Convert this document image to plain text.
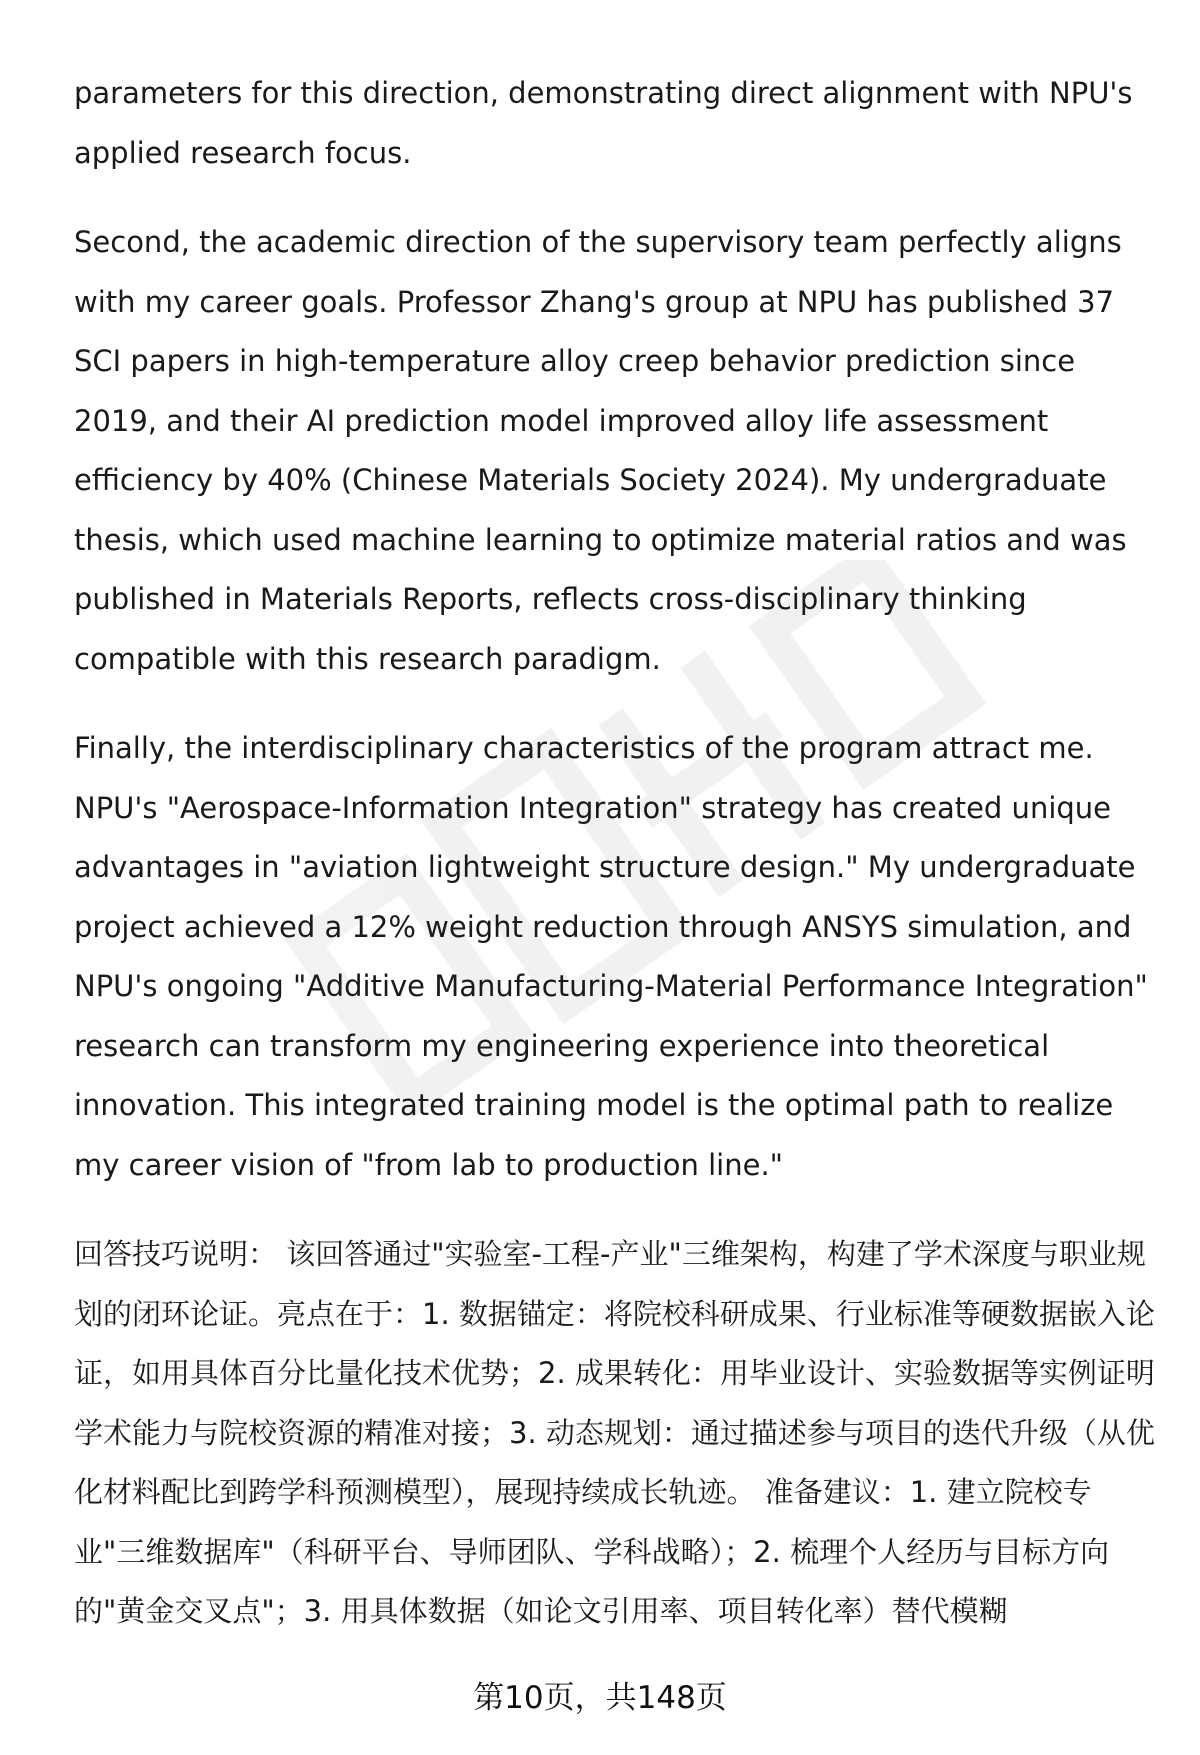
parameters for this direction, demonstrating direct alignment with NPU's applied research focus.

Second, the academic direction of the supervisory team perfectly aligns with my career goals. Professor Zhang's group at NPU has published 37 SCI papers in high-temperature alloy creep behavior prediction since 2019, and their AI prediction model improved alloy life assessment efficiency by 40% (Chinese Materials Society 2024). My undergraduate thesis, which used machine learning to optimize material ratios and was published in Materials Reports, reflects cross-disciplinary thinking compatible with this research paradigm.

Finally, the interdisciplinary characteristics of the program attract me. NPU's "Aerospace-Information Integration" strategy has created unique advantages in "aviation lightweight structure design." My undergraduate project achieved a 12% weight reduction through ANSYS simulation, and NPU's ongoing "Additive Manufacturing-Material Performance Integration" research can transform my engineering experience into theoretical innovation. This integrated training model is the optimal path to realize my career vision of "from lab to production line."

回答技巧说明： 该回答通过"实验室-工程-产业"三维架构，构建了学术深度与职业规划的闭环论证。亮点在于：1. 数据锚定：将院校科研成果、行业标准等硬数据嵌入论证，如用具体百分比量化技术优势；2. 成果转化：用毕业设计、实验数据等实例证明学术能力与院校资源的精准对接；3. 动态规划：通过描述参与项目的迭代升级（从优化材料配比到跨学科预测模型），展现持续成长轨迹。 准备建议：1. 建立院校专业"三维数据库"（科研平台、导师团队、学科战略）；2. 梳理个人经历与目标方向的"黄金交叉点"；3. 用具体数据（如论文引用率、项目转化率）替代模糊

第10页，共148页
